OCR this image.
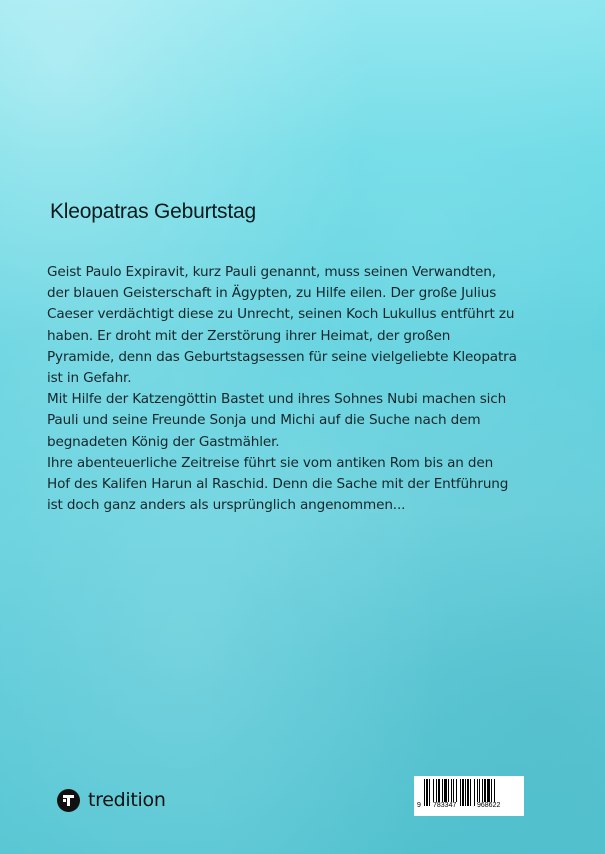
Kleopatras Geburtstag

Geist Paulo Expiravit, kurz Pauli genannt, muss seinen Verwandten, der blauen Geisterschaft in Ägypten, zu Hilfe eilen. Der große Julius Caeser verdächtigt diese zu Unrecht, seinen Koch Lukullus entführt zu haben. Er droht mit der Zerstörung ihrer Heimat, der großen Pyramide, denn das Geburtstagsessen für seine vielgeliebte Kleopatra ist in Gefahr.

Mit Hilfe der Katzengöttin Bastet und ihres Sohnes Nubi machen sich Pauli und seine Freunde Sonja und Michi auf die Suche nach dem begnadeten König der Gastmähler.

Ihre abenteuerliche Zeitreise führt sie vom antiken Rom bis an den Hof des Kalifen Harun al Raschid. Denn die Sache mit der Entführung ist doch ganz anders als ursprünglich angenommen...

tredition	9 783347	968622
